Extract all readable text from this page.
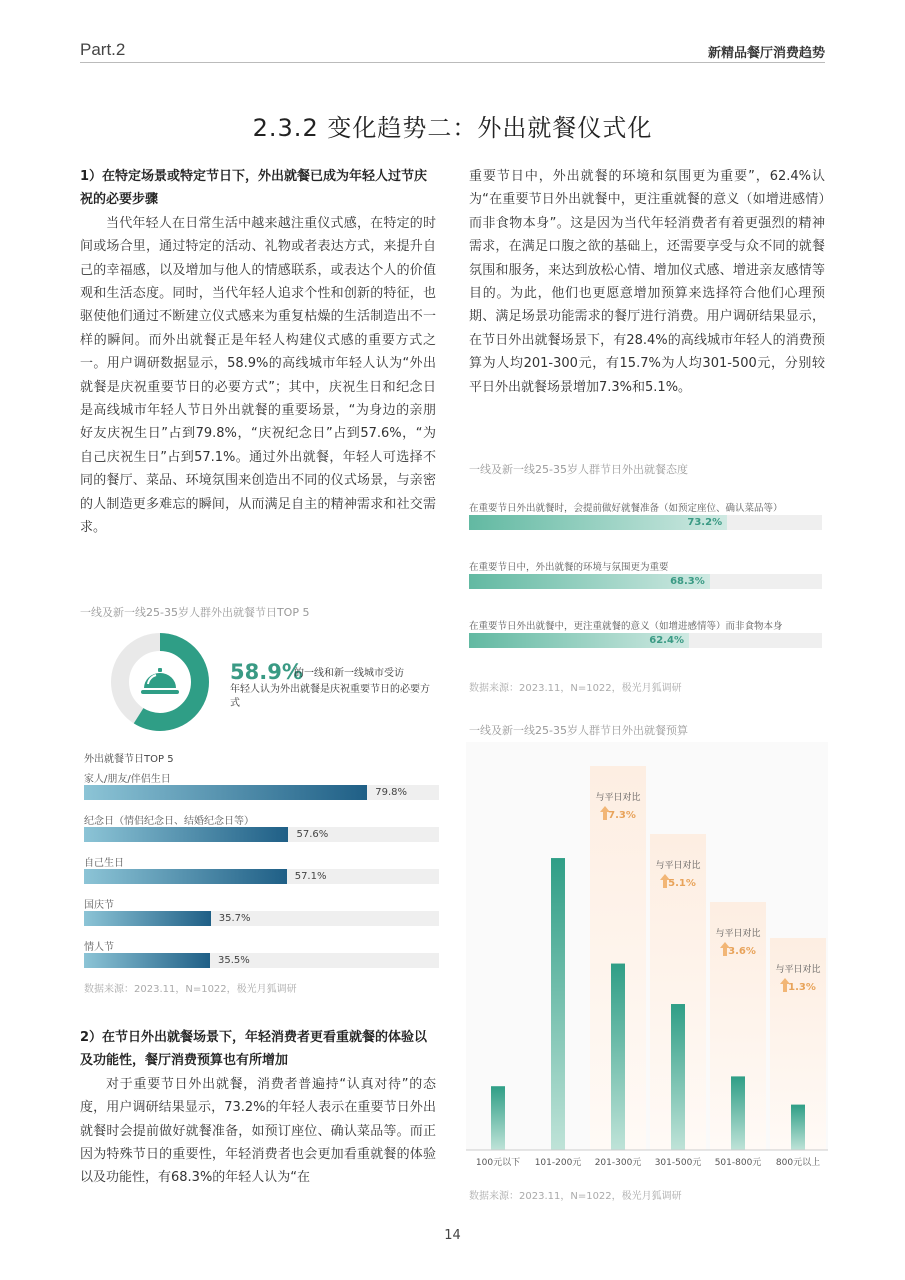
Part.2	新精品餐厅消费趋势
2.3.2 变化趋势二：外出就餐仪式化
1）在特定场景或特定节日下，外出就餐已成为年轻人过节庆祝的必要步骤

当代年轻人在日常生活中越来越注重仪式感，在特定的时间或场合里，通过特定的活动、礼物或者表达方式，来提升自己的幸福感，以及增加与他人的情感联系，或表达个人的价值观和生活态度。同时，当代年轻人追求个性和创新的特征，也驱使他们通过不断建立仪式感来为重复枯燥的生活制造出不一样的瞬间。而外出就餐正是年轻人构建仪式感的重要方式之一。用户调研数据显示，58.9%的高线城市年轻人认为“外出就餐是庆祝重要节日的必要方式”；其中，庆祝生日和纪念日是高线城市年轻人节日外出就餐的重要场景，“为身边的亲朋好友庆祝生日”占到79.8%，“庆祝纪念日”占到57.6%，“为自己庆祝生日”占到57.1%。通过外出就餐，年轻人可选择不同的餐厅、菜品、环境氛围来创造出不同的仪式场景，与亲密的人制造更多难忘的瞬间，从而满足自主的精神需求和社交需求。

一线及新一线25-35岁人群外出就餐节日TOP 5
58.9%
的一线和新一线城市受访
年轻人认为外出就餐是庆祝重要节日的必要方式
外出就餐节日TOP 5
家人/朋友/伴侣生日
79.8%
纪念日（情侣纪念日、结婚纪念日等）
57.6%
自己生日
57.1%
国庆节
35.7%
情人节
35.5%
数据来源：2023.11，N=1022，极光月狐调研
2）在节日外出就餐场景下，年轻消费者更看重就餐的体验以及功能性，餐厅消费预算也有所增加

对于重要节日外出就餐，消费者普遍持“认真对待”的态度，用户调研结果显示，73.2%的年轻人表示在重要节日外出就餐时会提前做好就餐准备，如预订座位、确认菜品等。而正因为特殊节日的重要性，年轻消费者也会更加看重就餐的体验以及功能性，有68.3%的年轻人认为“在

重要节日中，外出就餐的环境和氛围更为重要”，62.4%认为“在重要节日外出就餐中，更注重就餐的意义（如增进感情）而非食物本身”。这是因为当代年轻消费者有着更强烈的精神需求，在满足口腹之欲的基础上，还需要享受与众不同的就餐氛围和服务，来达到放松心情、增加仪式感、增进亲友感情等目的。为此，他们也更愿意增加预算来选择符合他们心理预期、满足场景功能需求的餐厅进行消费。用户调研结果显示，在节日外出就餐场景下，有28.4%的高线城市年轻人的消费预算为人均201-300元，有15.7%为人均301-500元，分别较平日外出就餐场景增加7.3%和5.1%。

一线及新一线25-35岁人群节日外出就餐态度
在重要节日外出就餐时，会提前做好就餐准备（如预定座位、确认菜品等）
73.2%
在重要节日中，外出就餐的环境与氛围更为重要
68.3%
在重要节日外出就餐中，更注重就餐的意义（如增进感情等）而非食物本身
62.4%
数据来源：2023.11，N=1022，极光月狐调研
一线及新一线25-35岁人群节日外出就餐预算
100元以下 101-200元
与平日对比
7.3%
201-300元
与平日对比
5.1%
301-500元
与平日对比
3.6%
501-800元
与平日对比
1.3%
800元以上
数据来源：2023.11，N=1022，极光月狐调研
14
